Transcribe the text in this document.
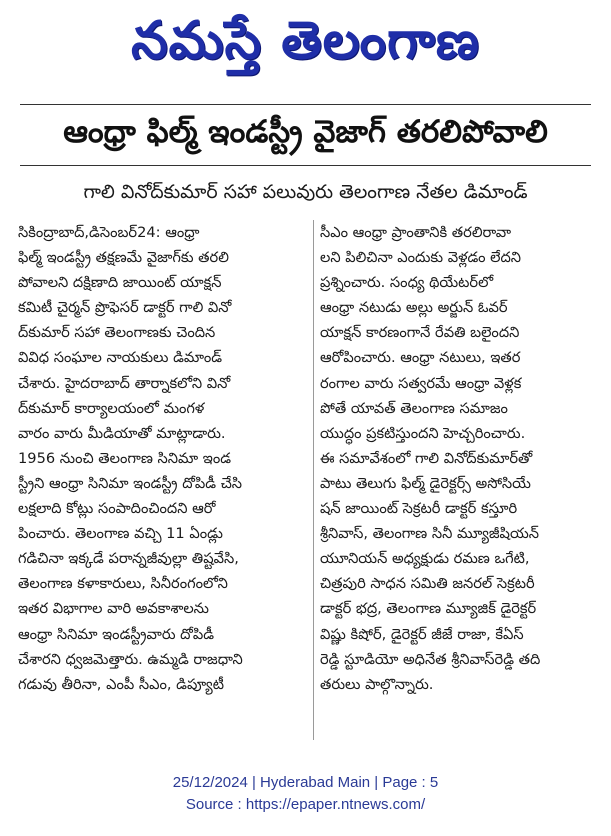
నమస్తే తెలంగాణ
ఆంధ్రా ఫిల్మ్ ఇండస్ట్రీ వైజాగ్ తరలిపోవాలి
గాలి వినోద్‌కుమార్ సహా పలువురు తెలంగాణ నేతల డిమాండ్
సికింద్రాబాద్,డిసెంబర్24: ఆంధ్రా
ఫిల్మ్ ఇండస్ట్రీ తక్షణమే వైజాగ్‌కు తరలి
పోవాలని దక్షిణాది జాయింట్ యాక్షన్
కమిటీ చైర్మన్ ప్రొఫెసర్ డాక్టర్ గాలి వినో
ద్‌కుమార్ సహా తెలంగాణకు చెందిన
వివిధ సంఘాల నాయకులు డిమాండ్
చేశారు. హైదరాబాద్ తార్నాకలోని వినో
ద్‌కుమార్ కార్యాలయంలో మంగళ
వారం వారు మీడియాతో మాట్లాడారు.
1956 నుంచి తెలంగాణ సినిమా ఇండ
స్ట్రీని ఆంధ్రా సినిమా ఇండస్ట్రీ దోపిడీ చేసి
లక్షలాది కోట్లు సంపాదించిందని ఆరో
పించారు. తెలంగాణ వచ్చి 11 ఏండ్లు
గడిచినా ఇక్కడే పరాన్నజీవుల్లా తిష్టవేసి,
తెలంగాణ కళాకారులు, సినీరంగంలోని
ఇతర విభాగాల వారి అవకాశాలను
ఆంధ్రా సినిమా ఇండస్ట్రీవారు దోపిడీ
చేశారని ధ్వజమెత్తారు. ఉమ్మడి రాజధాని
గడువు తీరినా, ఎంపీ సీఎం, డిప్యూటీ
సీఎం ఆంధ్రా ప్రాంతానికి తరలిరావా
లని పిలిచినా ఎందుకు వెళ్లడం లేదని
ప్రశ్నించారు. సంధ్య థియేటర్‌లో
ఆంధ్రా నటుడు అల్లు అర్జున్ ఓవర్
యాక్షన్ కారణంగానే రేవతి బలైందని
ఆరోపించారు. ఆంధ్రా నటులు, ఇతర
రంగాల వారు సత్వరమే ఆంధ్రా వెళ్లక
పోతే యావత్ తెలంగాణ సమాజం
యుద్ధం ప్రకటిస్తుందని హెచ్చరించారు.
ఈ సమావేశంలో గాలి వినోద్‌కుమార్‌తో
పాటు తెలుగు ఫిల్మ్ డైరెక్టర్స్ అసోసియే
షన్ జాయింట్ సెక్రటరీ డాక్టర్ కస్తూరి
శ్రీనివాస్, తెలంగాణ సినీ మ్యూజీషియన్
యూనియన్ అధ్యక్షుడు రమణ ఒగేటి,
చిత్రపురి సాధన సమితి జనరల్ సెక్రటరీ
డాక్టర్ భద్ర, తెలంగాణ మ్యూజిక్ డైరెక్టర్
విష్ణు కిషోర్, డైరెక్టర్ జీజే రాజా, కేఏస్
రెడ్డి స్టూడియో అధినేత శ్రీనివాస్‌రెడ్డి తది
తరులు పాల్గొన్నారు.
25/12/2024 | Hyderabad Main | Page : 5
Source : https://epaper.ntnews.com/
